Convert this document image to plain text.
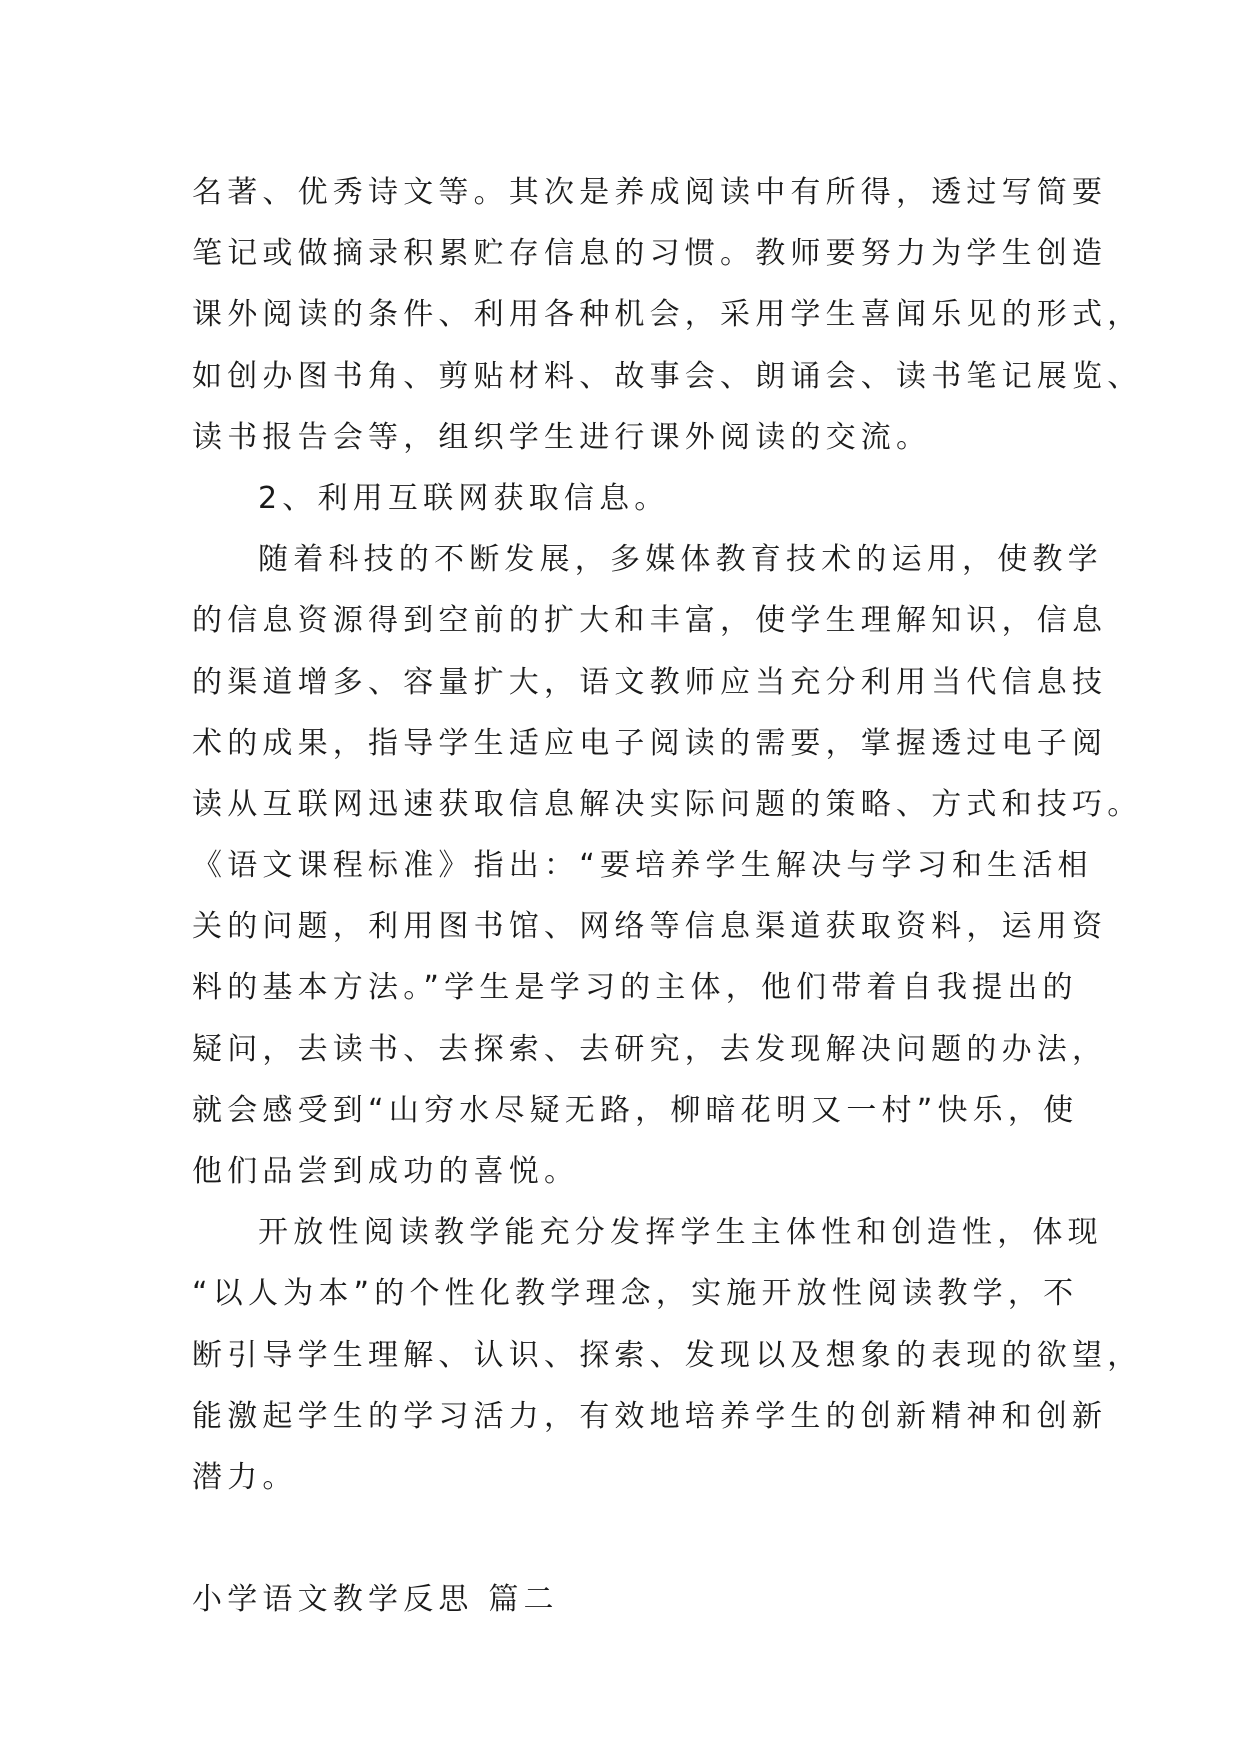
名著、优秀诗文等。其次是养成阅读中有所得，透过写简要
笔记或做摘录积累贮存信息的习惯。教师要努力为学生创造
课外阅读的条件、利用各种机会，采用学生喜闻乐见的形式，
如创办图书角、剪贴材料、故事会、朗诵会、读书笔记展览、
读书报告会等，组织学生进行课外阅读的交流。
2、利用互联网获取信息。
随着科技的不断发展，多媒体教育技术的运用，使教学
的信息资源得到空前的扩大和丰富，使学生理解知识，信息
的渠道增多、容量扩大，语文教师应当充分利用当代信息技
术的成果，指导学生适应电子阅读的需要，掌握透过电子阅
读从互联网迅速获取信息解决实际问题的策略、方式和技巧。
《语文课程标准》指出：“要培养学生解决与学习和生活相
关的问题，利用图书馆、网络等信息渠道获取资料，运用资
料的基本方法。”学生是学习的主体，他们带着自我提出的
疑问，去读书、去探索、去研究，去发现解决问题的办法，
就会感受到“山穷水尽疑无路，柳暗花明又一村”快乐，使
他们品尝到成功的喜悦。
开放性阅读教学能充分发挥学生主体性和创造性，体现
“以人为本”的个性化教学理念，实施开放性阅读教学，不
断引导学生理解、认识、探索、发现以及想象的表现的欲望，
能激起学生的学习活力，有效地培养学生的创新精神和创新
潜力。
小学语文教学反思 篇二
